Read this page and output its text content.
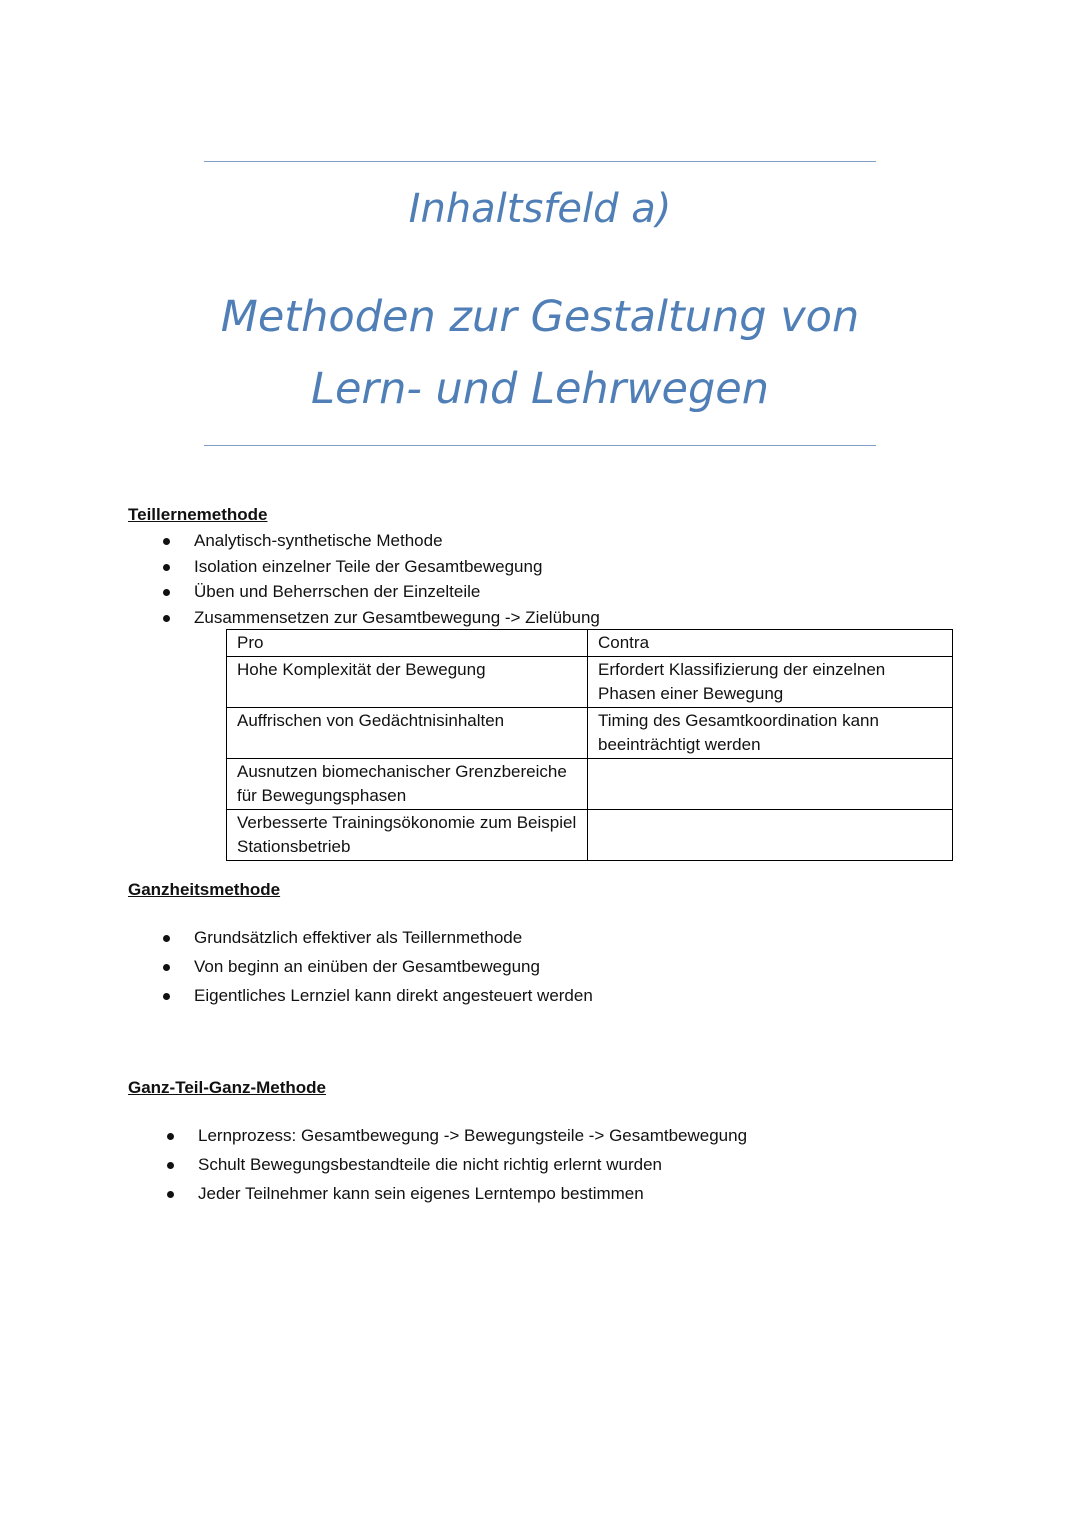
Inhaltsfeld a)
Methoden zur Gestaltung von
Lern- und Lehrwegen
Teillernemethode
Analytisch-synthetische Methode
Isolation einzelner Teile der Gesamtbewegung
Üben und Beherrschen der Einzelteile
Zusammensetzen zur Gesamtbewegung -> Zielübung
Pro	Contra
Hohe Komplexität der Bewegung	Erfordert Klassifizierung der einzelnen Phasen einer Bewegung
Auffrischen von Gedächtnisinhalten	Timing des Gesamtkoordination kann beeinträchtigt werden
Ausnutzen biomechanischer Grenzbereiche für Bewegungsphasen	
Verbesserte Trainingsökonomie zum Beispiel Stationsbetrieb	
Ganzheitsmethode
Grundsätzlich effektiver als Teillernmethode
Von beginn an einüben der Gesamtbewegung
Eigentliches Lernziel kann direkt angesteuert werden
Ganz-Teil-Ganz-Methode
Lernprozess: Gesamtbewegung -> Bewegungsteile -> Gesamtbewegung
Schult Bewegungsbestandteile die nicht richtig erlernt wurden
Jeder Teilnehmer kann sein eigenes Lerntempo bestimmen
